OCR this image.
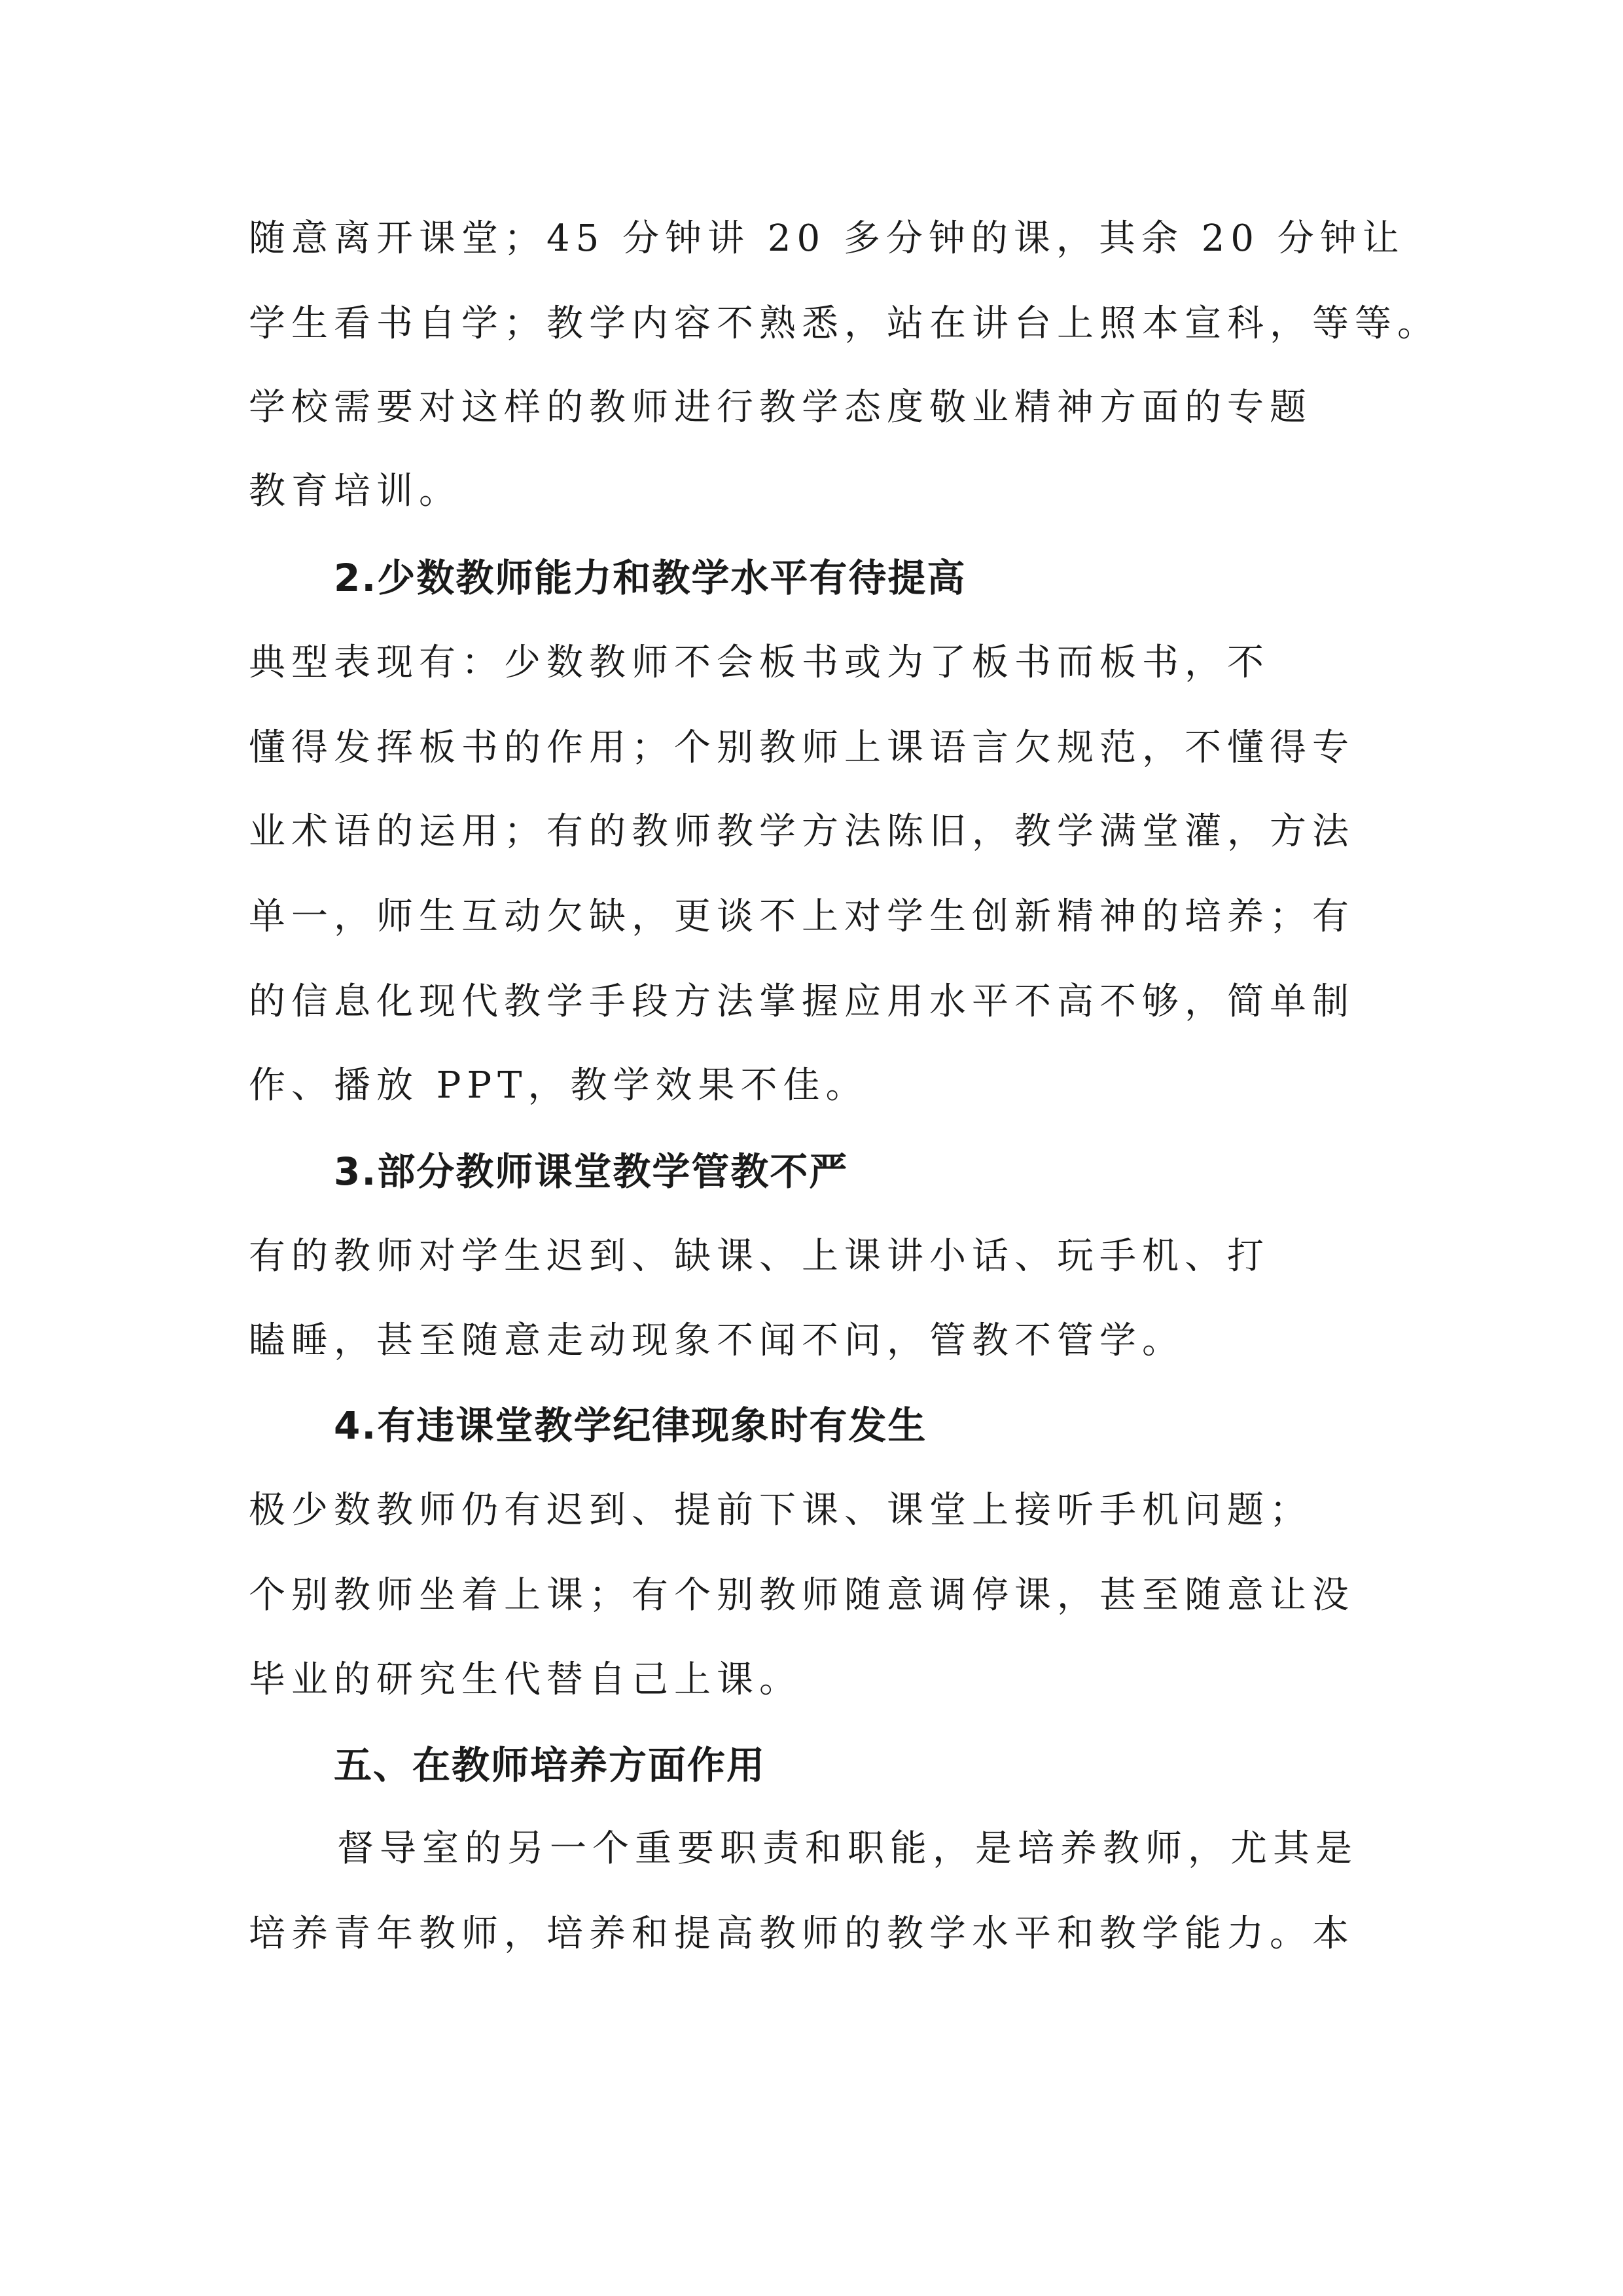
随意离开课堂；45 分钟讲 20 多分钟的课，其余 20 分钟让
学生看书自学；教学内容不熟悉，站在讲台上照本宣科，等等。
学校需要对这样的教师进行教学态度敬业精神方面的专题
教育培训。
2.少数教师能力和教学水平有待提高
典型表现有：少数教师不会板书或为了板书而板书，不
懂得发挥板书的作用；个别教师上课语言欠规范，不懂得专
业术语的运用；有的教师教学方法陈旧，教学满堂灌，方法
单一，师生互动欠缺，更谈不上对学生创新精神的培养；有
的信息化现代教学手段方法掌握应用水平不高不够，简单制
作、播放 PPT，教学效果不佳。
3.部分教师课堂教学管教不严
有的教师对学生迟到、缺课、上课讲小话、玩手机、打
瞌睡，甚至随意走动现象不闻不问，管教不管学。
4.有违课堂教学纪律现象时有发生
极少数教师仍有迟到、提前下课、课堂上接听手机问题；
个别教师坐着上课；有个别教师随意调停课，甚至随意让没
毕业的研究生代替自己上课。
五、在教师培养方面作用
督导室的另一个重要职责和职能，是培养教师，尤其是
培养青年教师，培养和提高教师的教学水平和教学能力。本
